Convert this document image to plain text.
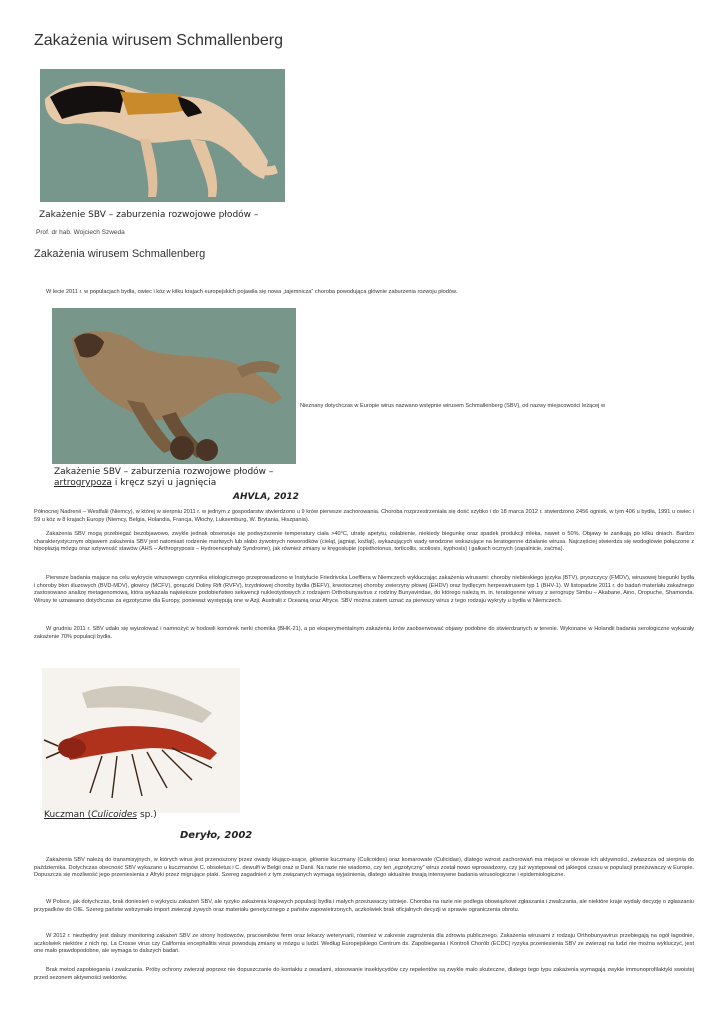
Zakażenia wirusem Schmallenberg
Zakażenie SBV – zaburzenia rozwojowe płodów –
Prof. dr hab. Wojciech Szweda
Zakażenia wirusem Schmallenberg
W lecie 2011 r. w populacjach bydła, owiec i kóz w kilku krajach europejskich pojawiła się nowa „tajemnicza” choroba powodująca głównie zaburzenia rozwoju płodów.
Nieznany dotychczas w Europie wirus nazwano wstępnie wirusem Schmallenberg (SBV), od nazwy miejscowości leżącej w
Zakażenie SBV – zaburzenia rozwojowe płodów –
artrogrypoza i kręcz szyi u jagnięcia
AHVLA, 2012
Północnej Nadrenii – Westfalii (Niemcy), w której w sierpniu 2011 r. w jednym z gospodarstw stwierdzono u 9 krów pierwsze zachorowania. Choroba rozprzestrzeniała się dość szybko i do 18 marca 2012 r. stwierdzono 2456 ognisk, w tym 406 u bydła, 1991 u owiec i 59 u kóz w 8 krajach Europy (Niemcy, Belgia, Holandia, Francja, Włochy, Luksemburg, W. Brytania, Hiszpania).
Zakażenia SBV mogą przebiegać bezobjawowo, zwykle jednak obserwuje się podwyższenie temperatury ciała >40°C, utratę apetytu, osłabienie, niekiedy biegunkę oraz spadek produkcji mleka, nawet o 50%. Objawy te zanikają po kilku dniach. Bardzo charakterystycznym objawem zakażenia SBV jest natomiast rodzenie martwych lub słabo żywotnych noworodków (cieląt, jagniąt, koźląt), wykazujących wady wrodzone wskazujące na teratogenne działanie wirusa. Najczęściej stwierdza się wodogłowie połączone z hipoplazją mózgu oraz sztywność stawów (AHS – Arthrogryposis – Hydroencephaly Syndrome), jak również zmiany w kręgosłupie (opisthotonus, torticollis, scoliosis, kyphosis) i gałkach ocznych (zapalnicie, zaćma).
Pierwsze badania mające na celu wykrycie wirusowego czynnika etiologicznego przeprowadzono w Instytucie Friedrivcka Loefflera w Niemczech wykluczając zakażenia wirusami: choroby niebieskiego języka (BTV), pryszczycy (FMDV), wirusowej biegunki bydła i choroby błon śluzowych (BVD-MDV), głowicy (MCFV), gorączki Doliny Rift (RVFV), trzydniowej choroby bydła (BEFV), krwotocznej choroby zwierzyny płowej (EHDV) oraz bydlęcym herpeswirusem typ 1 (BHV-1). W listopadzie 2011 r. do badań materiału zakaźnego zastosowano analizę metagenomową, która wykazała największe podobieństwo sekwencji nukleotydowych z rodzajem Orthobunyavirus z rodziny Bunyaviridae, do którego należą m. in. teratogenne wirusy z serogrupy Simbu – Akabane, Aino, Oropuche, Shamonda. Wirusy te uznawano dotychczas za egzotyczne dla Europy, ponieważ występują one w Azji, Australii z Oceanią oraz Afryce. SBV można zatem uznać za pierwszy wirus z tego rodzaju wykryty u bydła w Niemczech.
W grudniu 2011 r. SBV udało się wyizolować i namnożyć w hodowli komórek nerki chomika (BHK-21), a po eksperymentalnym zakażeniu krów zaobserwować objawy podobne do stwierdzanych w terenie. Wykonane w Holandii badania serologiczne wykazały zakażenie 70% populacji bydła.
Kuczman (Culicoides sp.)
Deryło, 2002
Zakażenia SBV należą do transmisyjnych, w których wirus jest przenoszony przez owady kłująco-ssące, głównie kuczmany (Culicoides) oraz komarowate (Culicidae), dlatego wzrost zachorowań ma miejsce w okresie ich aktywności, zwłaszcza od sierpnia do października. Dotychczas obecność SBV wykazano u kuczmanów C. obsoletus i C. dewulfi w Belgii oraz w Danii. Na razie nie wiadomo, czy ten „egzotyczny” wirus został nowo wprowadzony, czy już występował od jakiegoś czasu w populacji przeżuwaczy w Europie. Dopuszcza się możliwość jego przeniesienia z Afryki przez migrujące ptaki. Szereg zagadnień z tym związanych wymaga wyjaśnienia, dlatego aktualnie trwają intensywne badania wirusologiczne i epidemiologiczne.
W Polsce, jak dotychczas, brak doniesień o wykryciu zakażeń SBV, ale ryzyko zakażenia krajowych populacji bydła i małych przeżuwaczy istnieje. Choroba na razie nie podlega obowiązkowi zgłaszania i zwalczania, ale niektóre kraje wydały decyzję o zgłaszaniu przypadków do OIE. Szereg państw wstrzymało import zwierząt żywych oraz materiału genetycznego z państw zapowietrzonych, aczkolwiek brak oficjalnych decyzji w sprawie ograniczenia obrotu.
W 2012 r. niezbędny jest dalszy monitoring zakażeń SBV ze strony hodowców, pracowników ferm oraz lekarzy weterynarii, również w zakresie zagrożenia dla zdrowia publicznego. Zakażenia wirusami z rodzaju Orthobunyavirus przebiegają na ogół łagodnie, aczkolwiek niektóre z nich np. La Crosse virus czy California encephalitis virus powodują zmiany w mózgu u ludzi. Według Europejskiego Centrum ds. Zapobiegania i Kontroli Chorób (ECDC) ryzyka przeniesienia SBV ze zwierząt na ludzi nie można wykluczyć, jest one mało prawdopodobne, ale wymaga to dalszych badań.
Brak metod zapobiegania i zwalczania. Próby ochrony zwierząt poprzez nie dopuszczanie do kontaktu z owadami, stosowanie insektycydów czy repelentów są zwykle mało skuteczne, dlatego tego typu zakażenia wymagają zwykle immunoprofilaktyki swoistej przed sezonem aktywności wektorów.
